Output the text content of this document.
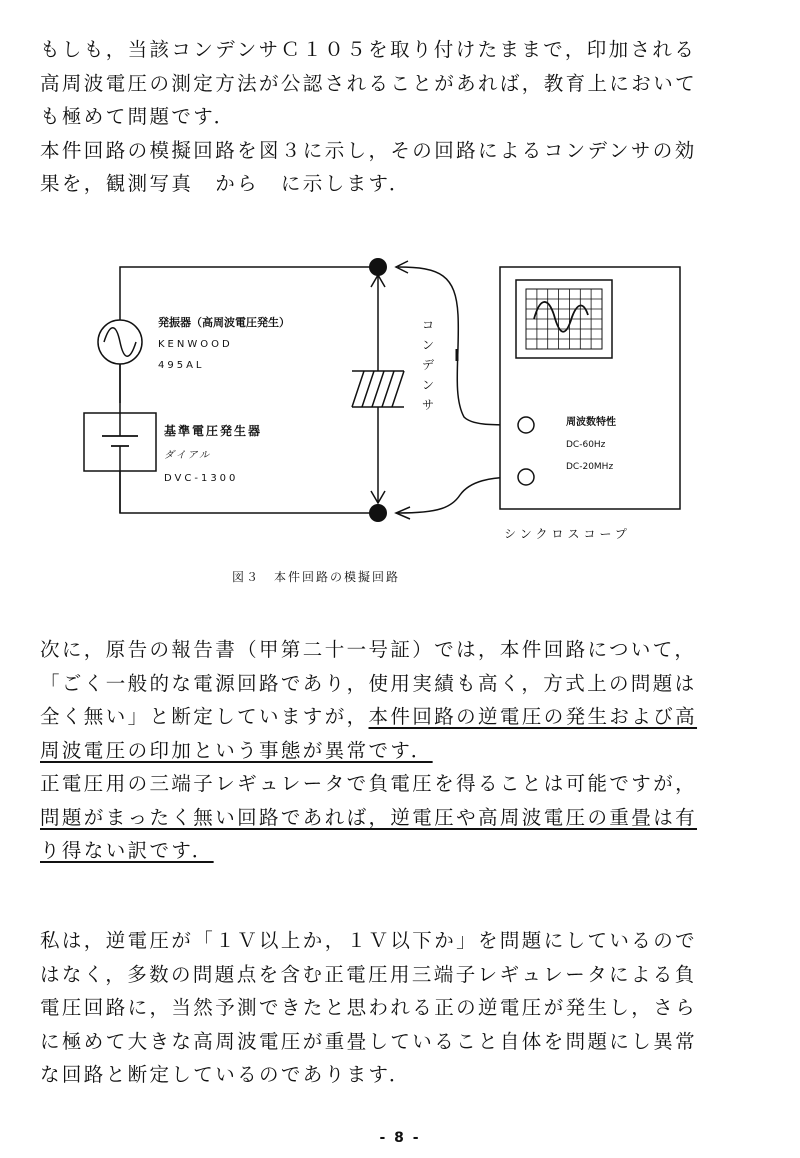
もしも，当該コンデンサＣ１０５を取り付けたままで，印加される

高周波電圧の測定方法が公認されることがあれば，教育上において

も極めて問題です．

本件回路の模擬回路を図３に示し，その回路によるコンデンサの効

果を，観測写真　から　に示します．

発振器（高周波電圧発生）
KENWOOD
495AL
基準電圧発生器
ダイアル
DVC-1300
コ
ン
デ
ン
サ
周波数特性
DC-60Hz
DC-20MHz
シンクロスコープ
図３　本件回路の模擬回路

次に，原告の報告書（甲第二十一号証）では，本件回路について，

「ごく一般的な電源回路であり，使用実績も高く，方式上の問題は

全く無い」と断定していますが，本件回路の逆電圧の発生および高

周波電圧の印加という事態が異常です．

正電圧用の三端子レギュレータで負電圧を得ることは可能ですが，

問題がまったく無い回路であれば，逆電圧や高周波電圧の重畳は有

り得ない訳です．

私は，逆電圧が「１Ｖ以上か，１Ｖ以下か」を問題にしているので

はなく，多数の問題点を含む正電圧用三端子レギュレータによる負

電圧回路に，当然予測できたと思われる正の逆電圧が発生し，さら

に極めて大きな高周波電圧が重畳していること自体を問題にし異常

な回路と断定しているのであります．

- 8 -
